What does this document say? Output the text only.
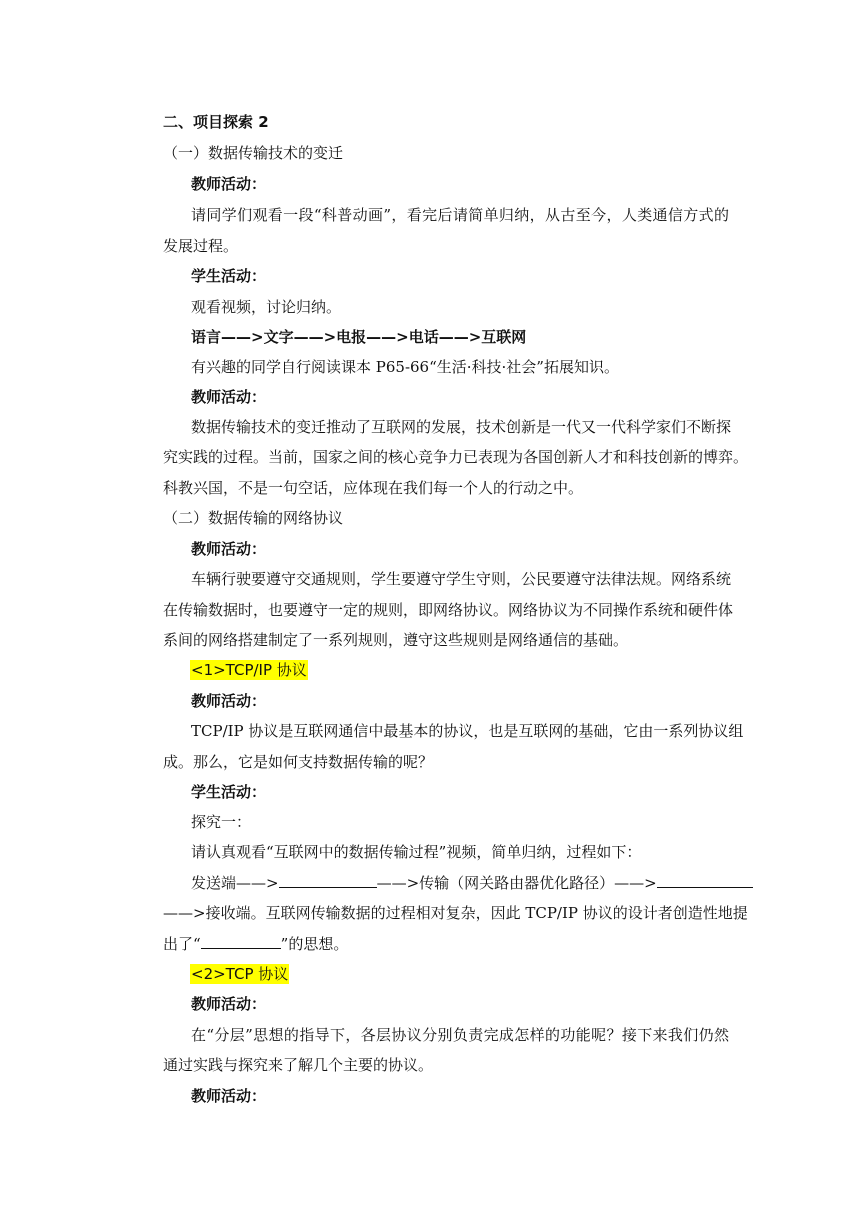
二、项目探索 2
（一）数据传输技术的变迁
教师活动：
请同学们观看一段“科普动画”，看完后请简单归纳，从古至今，人类通信方式的
发展过程。
学生活动：
观看视频，讨论归纳。
语言——>文字——>电报——>电话——>互联网
有兴趣的同学自行阅读课本 P65-66“生活·科技·社会”拓展知识。
教师活动：
数据传输技术的变迁推动了互联网的发展，技术创新是一代又一代科学家们不断探
究实践的过程。当前，国家之间的核心竞争力已表现为各国创新人才和科技创新的博弈。
科教兴国，不是一句空话，应体现在我们每一个人的行动之中。
（二）数据传输的网络协议
教师活动：
车辆行驶要遵守交通规则，学生要遵守学生守则，公民要遵守法律法规。网络系统
在传输数据时，也要遵守一定的规则，即网络协议。网络协议为不同操作系统和硬件体
系间的网络搭建制定了一系列规则，遵守这些规则是网络通信的基础。
<1>TCP/IP 协议
教师活动：
TCP/IP 协议是互联网通信中最基本的协议，也是互联网的基础，它由一系列协议组
成。那么，它是如何支持数据传输的呢？
学生活动：
探究一：
请认真观看“互联网中的数据传输过程”视频，简单归纳，过程如下：
发送端——>	——>传输（网关路由器优化路径）——>
——>接收端。互联网传输数据的过程相对复杂，因此 TCP/IP 协议的设计者创造性地提
出了“	”的思想。
<2>TCP 协议
教师活动：
在“分层”思想的指导下，各层协议分别负责完成怎样的功能呢？接下来我们仍然
通过实践与探究来了解几个主要的协议。
教师活动：
